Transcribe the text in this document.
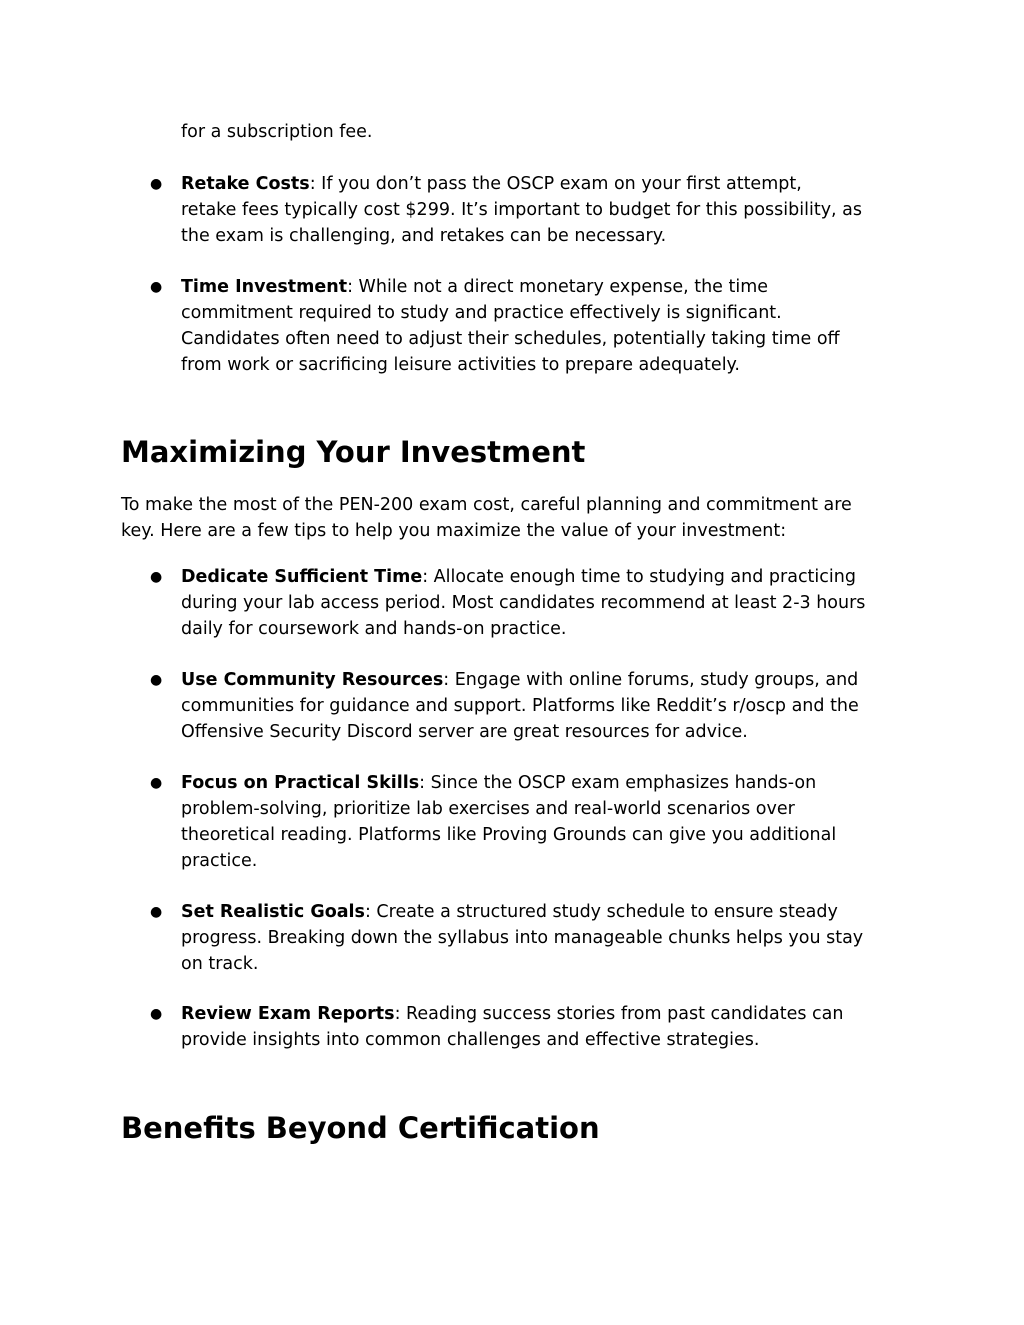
for a subscription fee.
● Retake Costs: If you don’t pass the OSCP exam on your first attempt,
retake fees typically cost $299. It’s important to budget for this possibility, as
the exam is challenging, and retakes can be necessary.
● Time Investment: While not a direct monetary expense, the time
commitment required to study and practice effectively is significant.
Candidates often need to adjust their schedules, potentially taking time off
from work or sacrificing leisure activities to prepare adequately.
Maximizing Your Investment
To make the most of the PEN-200 exam cost, careful planning and commitment are
key. Here are a few tips to help you maximize the value of your investment:
● Dedicate Sufficient Time: Allocate enough time to studying and practicing
during your lab access period. Most candidates recommend at least 2-3 hours
daily for coursework and hands-on practice.
● Use Community Resources: Engage with online forums, study groups, and
communities for guidance and support. Platforms like Reddit’s r/oscp and the
Offensive Security Discord server are great resources for advice.
● Focus on Practical Skills: Since the OSCP exam emphasizes hands-on
problem-solving, prioritize lab exercises and real-world scenarios over
theoretical reading. Platforms like Proving Grounds can give you additional
practice.
● Set Realistic Goals: Create a structured study schedule to ensure steady
progress. Breaking down the syllabus into manageable chunks helps you stay
on track.
● Review Exam Reports: Reading success stories from past candidates can
provide insights into common challenges and effective strategies.
Benefits Beyond Certification
